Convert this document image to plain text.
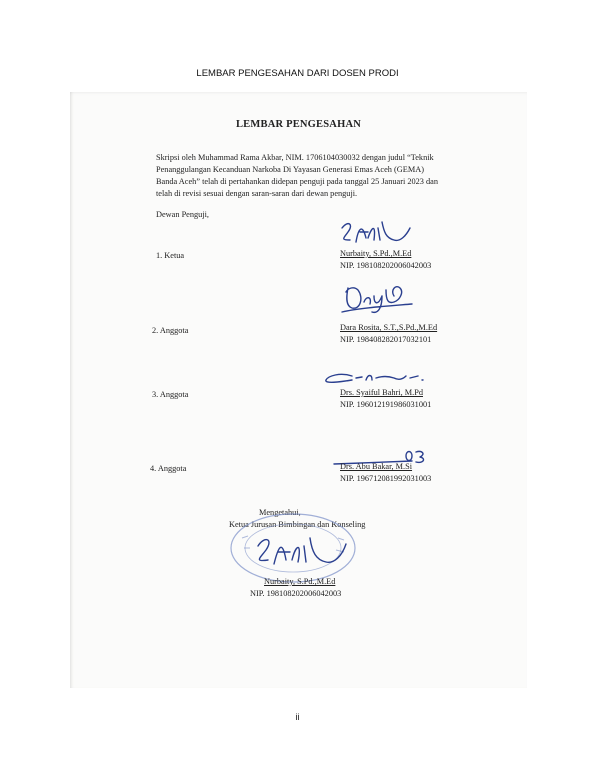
LEMBAR PENGESAHAN DARI DOSEN PRODI
LEMBAR PENGESAHAN
Skripsi oleh Muhammad Rama Akbar, NIM. 1706104030032 dengan judul “Teknik
Penanggulangan Kecanduan Narkoba Di Yayasan Generasi Emas Aceh (GEMA)
Banda Aceh” telah di pertahankan didepan penguji pada tanggal 25 Januari 2023 dan
telah di revisi sesuai dengan saran-saran dari dewan penguji.
Dewan Penguji,
1. Ketua	Nurbaity, S.Pd.,M.Ed
NIP. 198108202006042003
2. Anggota	Dara Rosita, S.T.,S.Pd.,M.Ed
NIP. 198408282017032101
3. Anggota	Drs. Syaiful Bahri, M.Pd
NIP. 196012191986031001
4. Anggota	Drs. Abu Bakar, M.Si
NIP. 196712081992031003
Mengetahui,
Ketua Jurusan Bimbingan dan Konseling
Nurbaity, S.Pd.,M.Ed
NIP. 198108202006042003
ii
